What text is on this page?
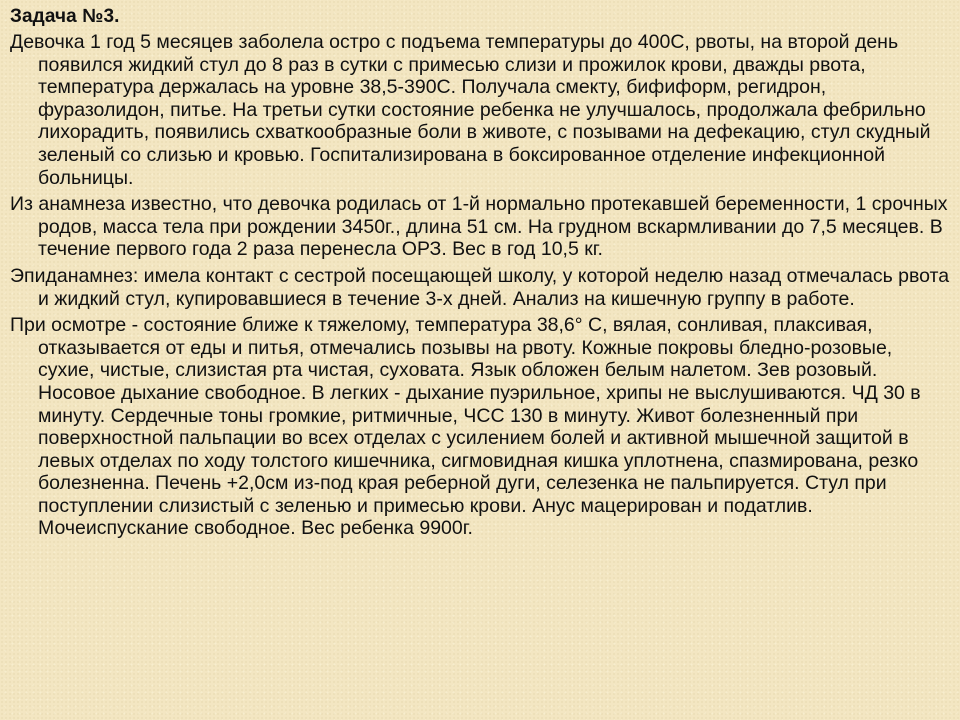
Задача №3.

Девочка 1 год 5 месяцев заболела остро с подъема температуры до 400С, рвоты, на второй день появился жидкий стул до 8 раз в сутки с примесью слизи и прожилок крови, дважды рвота, температура держалась на уровне 38,5-390С. Получала смекту, бифиформ, регидрон, фуразолидон, питье. На третьи сутки состояние ребенка не улучшалось, продолжала фебрильно лихорадить, появились схваткообразные боли в животе, с позывами на дефекацию, стул скудный зеленый со слизью и кровью. Госпитализирована в боксированное отделение инфекционной больницы.

Из анамнеза известно, что девочка родилась от 1-й нормально протекавшей беременности, 1 срочных родов, масса тела при рождении 3450г., длина 51 см. На грудном вскармливании до 7,5 месяцев. В течение первого года 2 раза перенесла ОРЗ. Вес в год 10,5 кг.

Эпиданамнез: имела контакт с сестрой посещающей школу, у которой неделю назад отмечалась рвота и жидкий стул, купировавшиеся в течение 3-х дней. Анализ на кишечную группу в работе.

При осмотре - состояние ближе к тяжелому, температура 38,6° С, вялая, сонливая, плаксивая, отказывается от еды и питья, отмечались позывы на рвоту. Кожные покровы бледно-розовые, сухие, чистые, слизистая рта чистая, суховата. Язык обложен белым налетом. Зев розовый. Носовое дыхание свободное. В легких - дыхание пуэрильное, хрипы не выслушиваются. ЧД 30 в минуту. Сердечные тоны громкие, ритмичные, ЧСС 130 в минуту. Живот болезненный при поверхностной пальпации во всех отделах с усилением болей и активной мышечной защитой в левых отделах по ходу толстого кишечника, сигмовидная кишка уплотнена, спазмирована, резко болезненна. Печень +2,0см из-под края реберной дуги, селезенка не пальпируется. Стул при поступлении слизистый с зеленью и примесью крови. Анус мацерирован и податлив. Мочеиспускание свободное. Вес ребенка 9900г.
